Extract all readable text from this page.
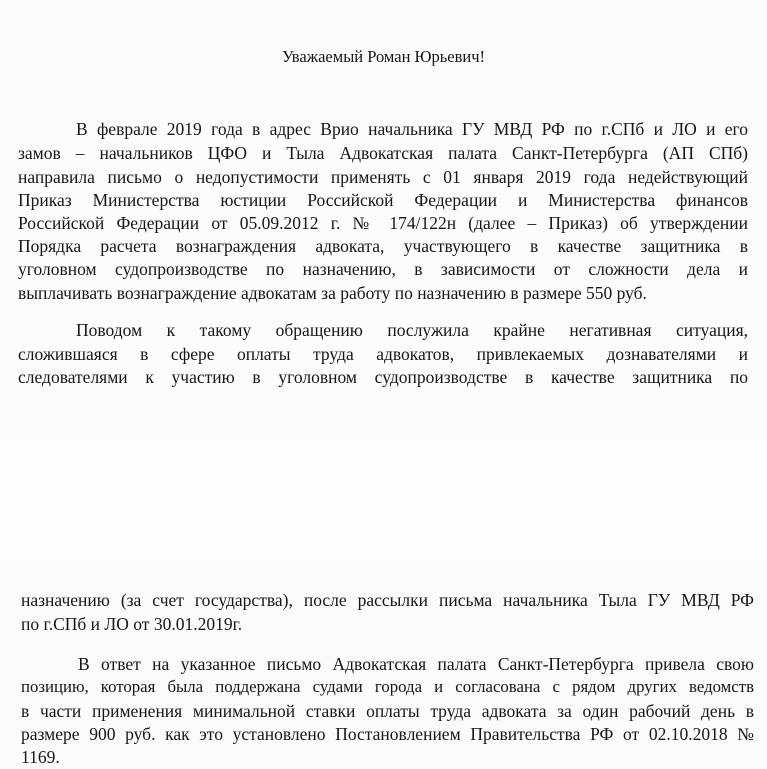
Уважаемый Роман Юрьевич!

В феврале 2019 года в адрес Врио начальника ГУ МВД РФ по г.СПб и ЛО и его

замов – начальников ЦФО и Тыла Адвокатская палата Санкт-Петербурга (АП СПб)

направила письмо о недопустимости применять с 01 января 2019 года недействующий

Приказ Министерства юстиции Российской Федерации и Министерства финансов

Российской Федерации от 05.09.2012 г. № 174/122н (далее – Приказ) об утверждении

Порядка расчета вознаграждения адвоката, участвующего в качестве защитника в

уголовном судопроизводстве по назначению, в зависимости от сложности дела и

выплачивать вознаграждение адвокатам за работу по назначению в размере 550 руб.

Поводом к такому обращению послужила крайне негативная ситуация,

сложившаяся в сфере оплаты труда адвокатов, привлекаемых дознавателями и

следователями к участию в уголовном судопроизводстве в качестве защитника по

назначению (за счет государства), после рассылки письма начальника Тыла ГУ МВД РФ

по г.СПб и ЛО от 30.01.2019г.

В ответ на указанное письмо Адвокатская палата Санкт-Петербурга привела свою

позицию, которая была поддержана судами города и согласована с рядом других ведомств

в части применения минимальной ставки оплаты труда адвоката за один рабочий день в

размере 900 руб. как это установлено Постановлением Правительства РФ от 02.10.2018 №

1169.
